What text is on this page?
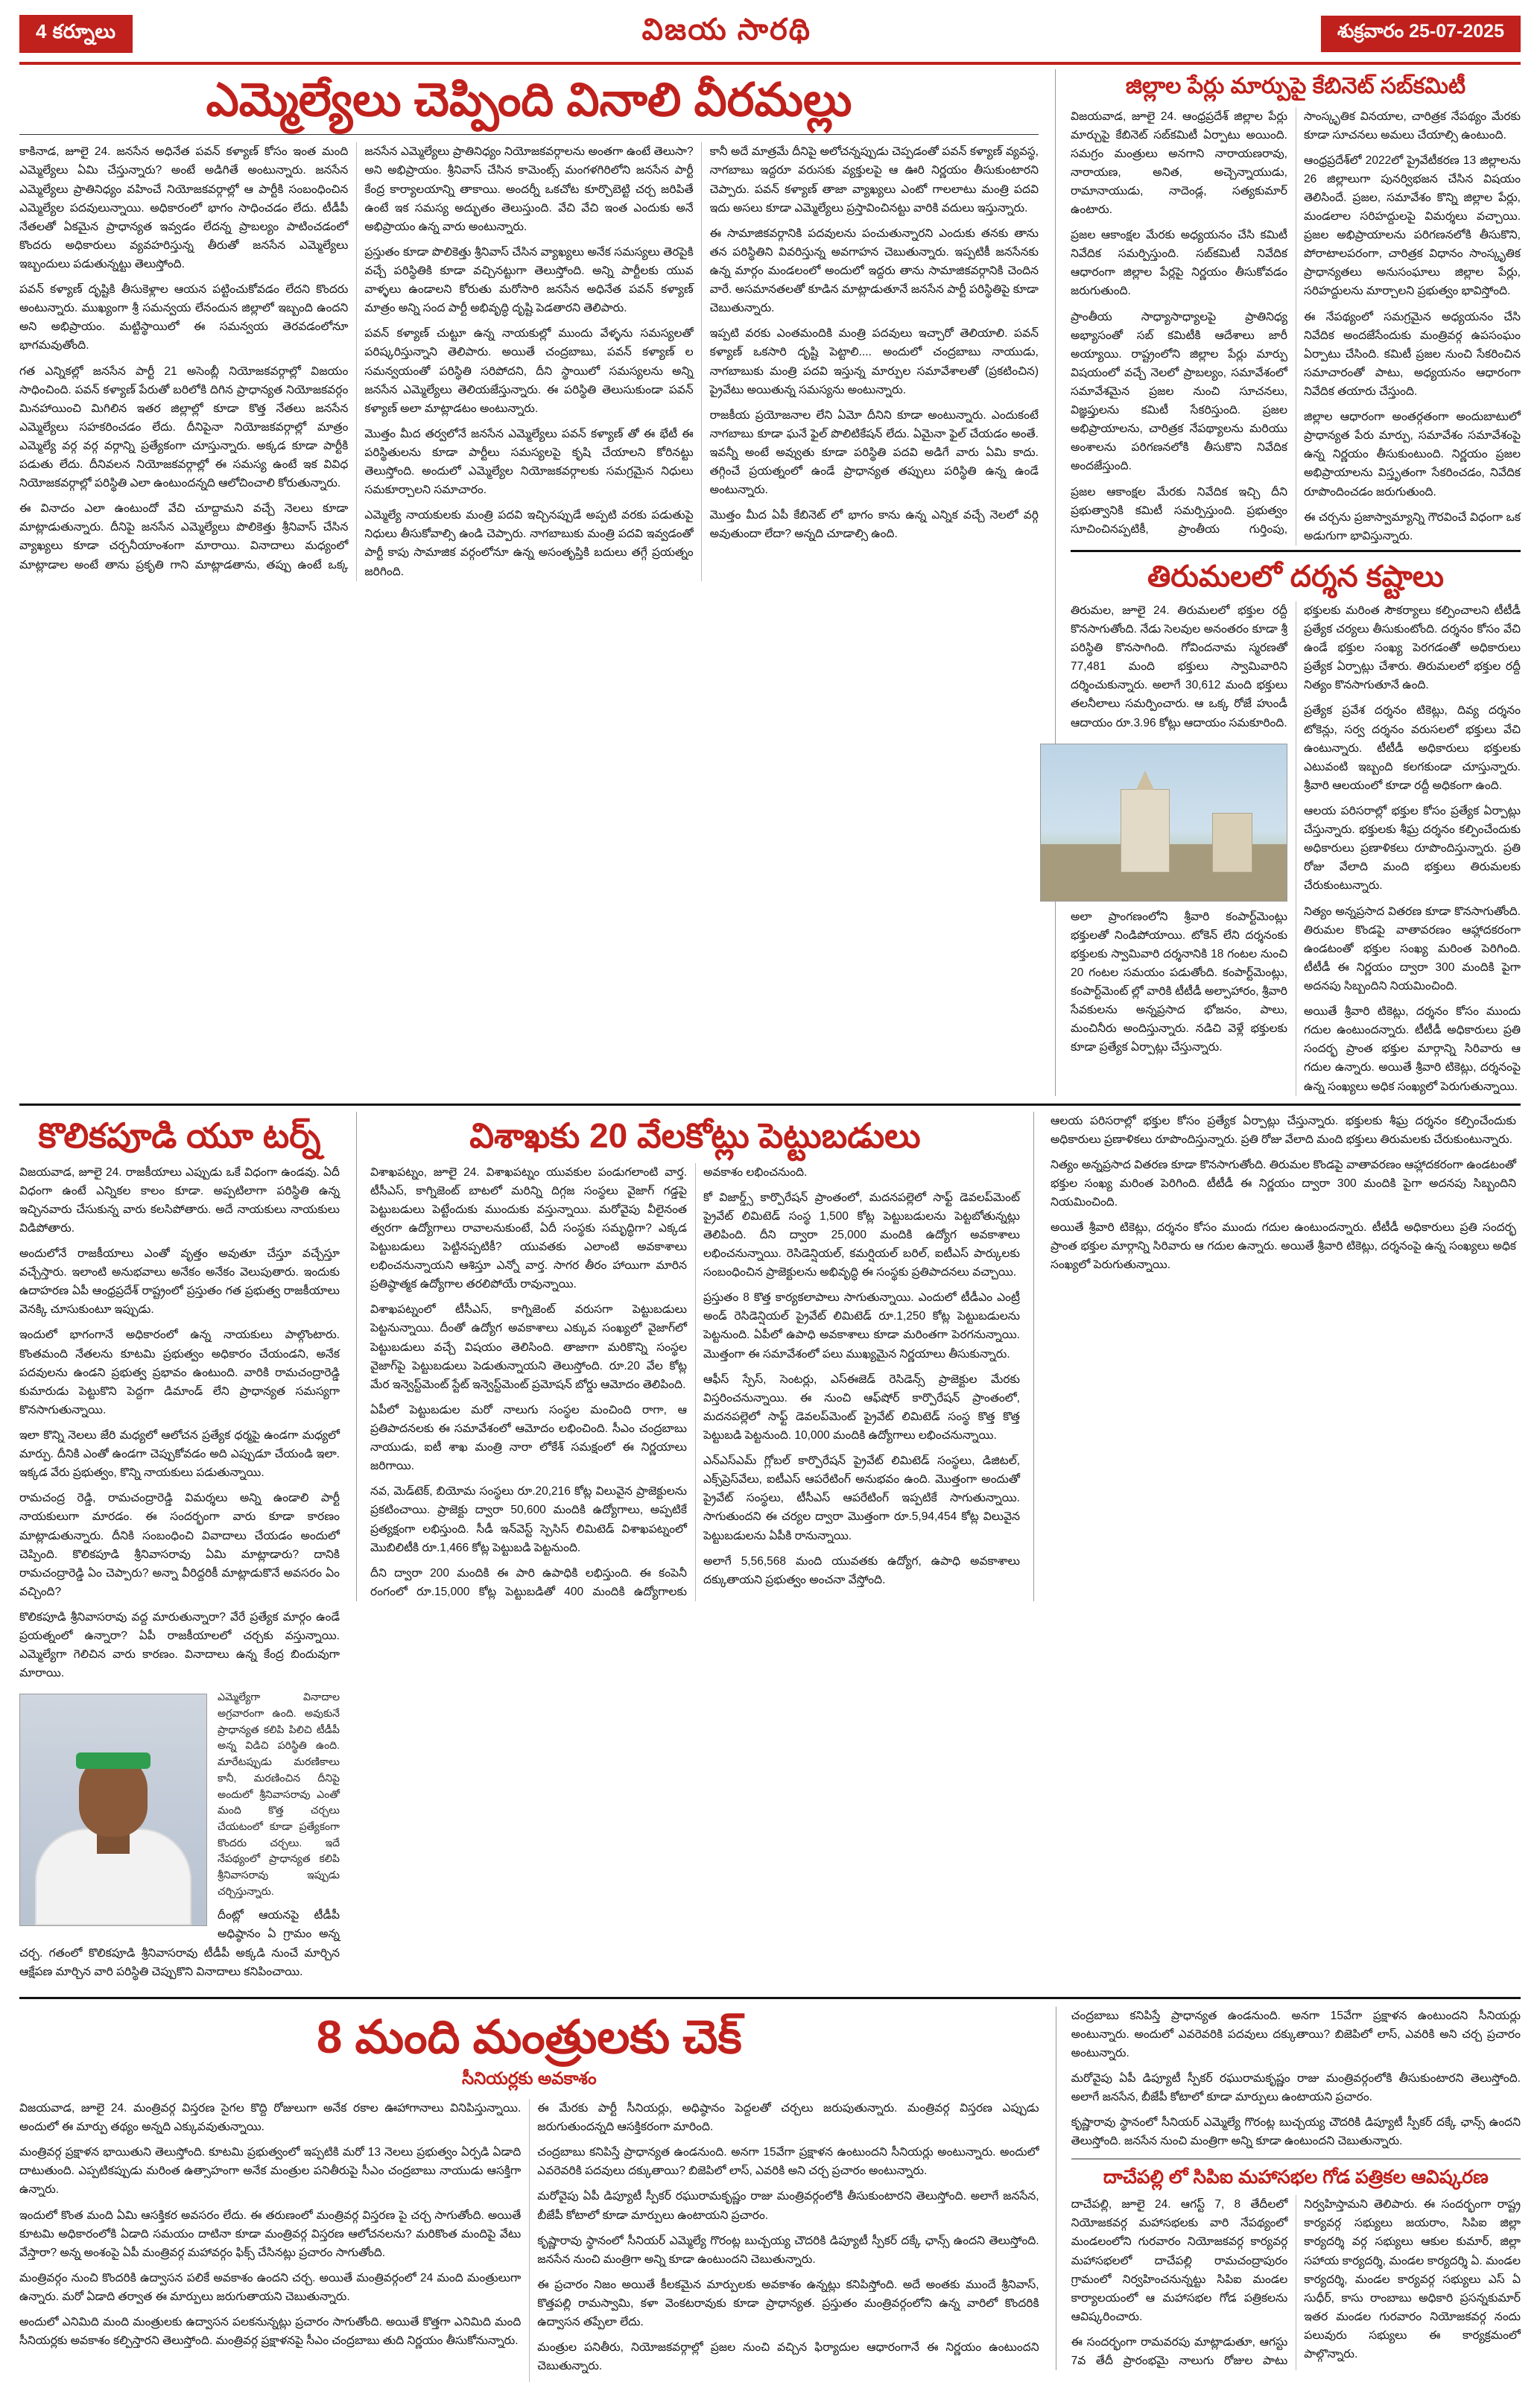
4 కర్నూలు	విజయ సారథి	శుక్రవారం 25-07-2025
ఎమ్మెల్యేలు చెప్పింది వినాలి వీరమల్లు

కాకినాడ, జూలై 24. జనసేన అధినేత పవన్ కళ్యాణ్ కోసం ఇంత మంది ఎమ్మెల్యేలు ఏమి చేస్తున్నారు? అంటే అడిగితే అంటున్నారు. జనసేన ఎమ్మెల్యేలు ప్రాతినిధ్యం వహించే నియోజకవర్గాల్లో ఆ పార్టీకి సంబంధించిన ఎమ్మెల్యేల పదవులున్నాయి. అధికారంలో భాగం సాధించడం లేదు. టీడీపీ నేతలతో ఏకమైన ప్రాధాన్యత ఇవ్వడం లేదన్న ప్రాబల్యం పాటించడంలో కొందరు అధికారులు వ్యవహరిస్తున్న తీరుతో జనసేన ఎమ్మెల్యేలు ఇబ్బందులు పడుతున్నట్టు తెలుస్తోంది.

పవన్ కళ్యాణ్ దృష్టికి తీసుకెళ్లాల ఆయన పట్టించుకోవడం లేదని కొందరు అంటున్నారు. ముఖ్యంగా శ్రీ సమన్వయ లేనందున జిల్లాలో ఇబ్బంది ఉందని అని అభిప్రాయం. మట్టిస్థాయిలో ఈ సమన్వయ తెరవడంలోనూ భాగమవుతోంది.

గత ఎన్నికల్లో జనసేన పార్టీ 21 అసెంబ్లీ నియోజకవర్గాల్లో విజయం సాధించింది. పవన్ కళ్యాణ్ పేరుతో బరిలోకి దిగిన ప్రాధాన్యత నియోజకవర్గం మినహాయించి మిగిలిన ఇతర జిల్లాల్లో కూడా కొత్త నేతలు జనసేన ఎమ్మెల్యేలు సహకరించడం లేదు. దీనిపైనా నియోజకవర్గాల్లో మాత్రం ఎమ్మెల్యే వర్గ వర్గ వర్గాన్ని ప్రత్యేకంగా చూస్తున్నారు. అక్కడ కూడా పార్టీకి పడుతు లేదు. దీనివలన నియోజకవర్గాల్లో ఈ సమస్య ఉంటే ఇక వివిధ నియోజకవర్గాల్లో పరిస్థితి ఎలా ఉంటుందన్నది ఆలోచించాలి కోరుతున్నారు.

ఈ వినాదం ఎలా ఉంటుందో వేచి చూద్దామని వచ్చే నెలలు కూడా మాట్లాడుతున్నారు. దీనిపై జనసేన ఎమ్మెల్యేలు పొలికెత్తు శ్రీనివాస్ చేసిన వ్యాఖ్యలు కూడా చర్చనీయాంశంగా మారాయి. వినాదాలు మధ్యంలో మాట్లాడాల అంటే తాను ప్రకృతి గాని మాట్లాడతాను, తప్పు ఉంటే ఒక్క జనసేన ఎమ్మెల్యేలు ప్రాతినిధ్యం నియోజకవర్గాలను అంతగా ఉంటే తెలుసా? అని అభిప్రాయం. శ్రీనివాస్ చేసిన కామెంట్స్ మంగళగిరిలోని జనసేన పార్టీ కేంద్ర కార్యాలయాన్ని తాకాయి. అందర్నీ ఒకచోట కూర్చొబెట్టి చర్చ జరిపితే ఉంటే ఇక సమస్య అద్భుతం తెలుస్తుంది. వేచి వేచి ఇంత ఎందుకు అనే అభిప్రాయం ఉన్న వారు అంటున్నారు.

ప్రస్తుతం కూడా పొలికెత్తు శ్రీనివాస్ చేసిన వ్యాఖ్యలు అనేక సమస్యలు తెరపైకి వచ్చే పరిస్థితికి కూడా వచ్చినట్టుగా తెలుస్తోంది. అన్ని పార్టీలకు యువ వాళ్ళలు ఉండాలని కోరుతు మరోసారి జనసేన అధినేత పవన్ కళ్యాణ్ మాత్రం అన్ని సంద పార్టీ అభివృద్ధి దృష్టి పెడతారని తెలిపారు.

పవన్ కళ్యాణ్ చుట్టూ ఉన్న నాయకుల్లో ముందు వేళ్ళను సమస్యలతో పరిష్కరిస్తున్నాని తెలిపారు. అయితే చంద్రబాబు, పవన్ కళ్యాణ్ ల సమన్వయంతో పరిస్థితి సరిపోదని, దీని స్థాయిలో సమస్యలను అన్ని జనసేన ఎమ్మెల్యేలు తెలియజేస్తున్నారు. ఈ పరిస్థితి తెలుసుకుండా పవన్ కళ్యాణ్ అలా మాట్లాడటం అంటున్నారు.

మొత్తం మీద తర్వలోనే జనసేన ఎమ్మెల్యేలు పవన్ కళ్యాణ్ తో ఈ భేటీ ఈ పరిస్థితులను కూడా పార్టీలు సమస్యలపై కృషి చేయాలని కోరినట్టు తెలుస్తోంది. అందులో ఎమ్మెల్యేల నియోజకవర్గాలకు సమగ్రమైన నిధులు సమకూర్చాలని సమాచారం.

ఎమ్మెల్యే నాయకులకు మంత్రి పదవి ఇచ్చినప్పుడే అప్పటి వరకు పడుతుపై నిధులు తీసుకోవాల్సి ఉండి చెప్పారు. నాగబాబుకు మంత్రి పదవి ఇవ్వడంతో పార్టీ కాపు సామాజిక వర్గంలోనూ ఉన్న అసంతృప్తికి బదులు తగ్గే ప్రయత్నం జరిగింది.

కానీ అదే మాత్రమే దీనిపై అలోచన్నప్పుడు చెప్పడంతో పవన్ కళ్యాణ్ వ్యవస్థ, నాగబాబు ఇద్దరూ వరుసకు వ్యక్తులపై ఆ ఊరి నిర్ణయం తీసుకుంటారని చెప్పారు. పవన్ కళ్యాణ్ తాజా వ్యాఖ్యలు ఎంటో గాలలాటు మంత్రి పదవి ఇదు అసలు కూడా ఎమ్మెల్యేలు ప్రస్తావించినట్టు వారికి వదులు ఇస్తున్నారు.

ఈ సామాజికవర్గానికి పదవులను పంచుతున్నారని ఎందుకు తనకు తాను తన పరిస్థితిని వివరిస్తున్న అవగాహన చెబుతున్నారు. ఇప్పటికీ జనసేనకు ఉన్న మార్గం మండలంలో అందులో ఇద్దరు తాను సామాజికవర్గానికి చెందిన వారే. అసమానతలతో కూడిన మాట్లాడుతూనే జనసేన పార్టీ పరిస్థితిపై కూడా చెబుతున్నారు.

ఇప్పటి వరకు ఎంతమందికి మంత్రి పదవులు ఇచ్చారో తెలియాలి. పవన్ కళ్యాణ్ ఒకసారి దృష్టి పెట్టాలి.... అందులో చంద్రబాబు నాయుడు, నాగబాబుకు మంత్రి పదవి ఇస్తున్న మార్పుల సమావేశాలతో (ప్రకటించిన) ప్రైవేటు అయితున్న సమస్యను అంటున్నారు.

రాజకీయ ప్రయోజనాల లేని ఏమో దీనిని కూడా అంటున్నారు. ఎందుకంటే నాగబాబు కూడా ఘనే ఫైల్ పొలిటికేషన్ లేదు. ఏమైనా ఫైల్ చేయడం అంతే. ఇవన్నీ అంటే అవ్వుతు కూడా పరిస్థితి పదవి అడిగే వారు ఏమి కాదు. తగ్గించే ప్రయత్నంలో ఉండే ప్రాధాన్యత తప్పులు పరిస్థితి ఉన్న ఉండే అంటున్నారు.

మొత్తం మీద ఏపీ కేబినెట్ లో భాగం కాను ఉన్న ఎన్నిక వచ్చే నెలలో వర్గి అవుతుందా లేదా? అన్నది చూడాల్సి ఉంది.

జిల్లాల పేర్లు మార్పుపై కేబినెట్ సబ్‌కమిటీ

విజయవాడ, జూలై 24. ఆంధ్రప్రదేశ్ జిల్లాల పేర్లు మార్చుపై కేబినెట్ సబ్‌కమిటీ ఏర్పాటు అయింది. సమగ్రం మంత్రులు అనగాని నారాయణరావు, నారాయణ, అనిత, అచ్చెన్నాయుడు, రామానాయుడు, నాదెండ్ల, సత్యకుమార్ ఉంటారు.

ప్రజల ఆకాంక్షల మేరకు అధ్యయనం చేసి కమిటీ నివేదిక సమర్పిస్తుంది. సబ్‌కమిటీ నివేదిక ఆధారంగా జిల్లాల పేర్లపై నిర్ణయం తీసుకోవడం జరుగుతుంది.

ప్రాంతీయ సాధ్యాసాధ్యాలపై ప్రాతినిధ్య అభ్యాసంతో సబ్ కమిటీకి ఆదేశాలు జారీ అయ్యాయి. రాష్ట్రంలోని జిల్లాల పేర్లు మార్పు విషయంలో వచ్చే నెలలో ప్రాబల్యం, సమావేశంలో సమావేశమైన ప్రజల నుంచి సూచనలు, విజ్ఞప్తులను కమిటీ సేకరిస్తుంది. ప్రజల అభిప్రాయాలను, చారిత్రక నేపథ్యాలను మరియు అంశాలను పరిగణనలోకి తీసుకొని నివేదిక అందజేస్తుంది.

ప్రజల ఆకాంక్షల మేరకు నివేదిక ఇచ్చి దీని ప్రభుత్వానికి కమిటీ సమర్పిస్తుంది. ప్రభుత్వం సూచించినప్పటికీ, ప్రాంతీయ గుర్తింపు, సాంస్కృతిక వినయాల, చారిత్రక నేపథ్యం మేరకు కూడా సూచనలు అమలు చేయాల్సి ఉంటుంది.

ఆంధ్రప్రదేశ్‌లో 2022లో ప్రైవేటీకరణ 13 జిల్లాలను 26 జిల్లాలుగా పునర్విభజన చేసిన విషయం తెలిసిందే. ప్రజల, సమావేశం కొన్ని జిల్లాల పేర్లు, మండలాల సరిహద్దులపై విమర్శలు వచ్చాయి. ప్రజల అభిప్రాయాలను పరిగణనలోకి తీసుకొని, పోరాటాలపరంగా, చారిత్రక విధానం సాంస్కృతిక ప్రాధాన్యతలు అనుసంఘాలు జిల్లాల పేర్లు, సరిహద్దులను మార్చాలని ప్రభుత్వం భావిస్తోంది.

ఈ నేపథ్యంలో సమగ్రమైన అధ్యయనం చేసి నివేదిక అందజేసేందుకు మంత్రివర్గ ఉపసంఘం ఏర్పాటు చేసింది. కమిటీ ప్రజల నుంచి సేకరించిన సమాచారంతో పాటు, అధ్యయనం ఆధారంగా నివేదిక తయారు చేస్తుంది.

జిల్లాల ఆధారంగా అంతర్గతంగా అందుబాటులో ప్రాధాన్యత పేరు మార్పు, సమావేశం సమావేశంపై ఉన్న నిర్ణయం తీసుకుంటుంది. నిర్ణయం ప్రజల అభిప్రాయాలను విస్తృతంగా సేకరించడం, నివేదిక రూపొందించడం జరుగుతుంది.

ఈ చర్చను ప్రజాస్వామ్యాన్ని గౌరవించే విధంగా ఒక అడుగుగా భావిస్తున్నారు.

తిరుమలలో దర్శన కష్టాలు

తిరుమల, జూలై 24. తిరుమలలో భక్తుల రద్దీ కొనసాగుతోంది. నేడు సెలవుల అనంతరం కూడా శ్రీ పరిస్థితి కొనసాగింది. గోవిందనామ స్మరణతో 77,481 మంది భక్తులు స్వామివారిని దర్శించుకున్నారు. అలాగే 30,612 మంది భక్తులు తలనీలాలు సమర్పించారు. ఆ ఒక్క రోజే హుండీ ఆదాయం రూ.3.96 కోట్లు ఆదాయం సమకూరింది.

అలా ప్రాంగణంలోని శ్రీవారి కంపార్ట్‌మెంట్లు భక్తులతో నిండిపోయాయి. టోకెన్ లేని దర్శనంకు భక్తులకు స్వామివారి దర్శనానికి 18 గంటల నుంచి 20 గంటల సమయం పడుతోంది. కంపార్ట్‌మెంట్లు, కంపార్ట్‌మెంట్ ల్లో వారికి టీటీడీ అల్పాహారం, శ్రీవారి సేవకులను అన్నప్రసాద భోజనం, పాలు, మంచినీరు అందిస్తున్నారు. నడిచి వెళ్లే భక్తులకు కూడా ప్రత్యేక ఏర్పాట్లు చేస్తున్నారు.

భక్తులకు మరింత సౌకర్యాలు కల్పించాలని టీటీడీ ప్రత్యేక చర్యలు తీసుకుంటోంది. దర్శనం కోసం వేచి ఉండే భక్తుల సంఖ్య పెరగడంతో అధికారులు ప్రత్యేక ఏర్పాట్లు చేశారు. తిరుమలలో భక్తుల రద్దీ నిత్యం కొనసాగుతూనే ఉంది.

ప్రత్యేక ప్రవేశ దర్శనం టికెట్లు, దివ్య దర్శనం టోకెన్లు, సర్వ దర్శనం వరుసలలో భక్తులు వేచి ఉంటున్నారు. టీటీడీ అధికారులు భక్తులకు ఎటువంటి ఇబ్బంది కలగకుండా చూస్తున్నారు. శ్రీవారి ఆలయంలో కూడా రద్దీ అధికంగా ఉంది.

ఆలయ పరిసరాల్లో భక్తుల కోసం ప్రత్యేక ఏర్పాట్లు చేస్తున్నారు. భక్తులకు శీఘ్ర దర్శనం కల్పించేందుకు అధికారులు ప్రణాళికలు రూపొందిస్తున్నారు. ప్రతి రోజు వేలాది మంది భక్తులు తిరుమలకు చేరుకుంటున్నారు.

నిత్యం అన్నప్రసాద వితరణ కూడా కొనసాగుతోంది. తిరుమల కొండపై వాతావరణం ఆహ్లాదకరంగా ఉండటంతో భక్తుల సంఖ్య మరింత పెరిగింది. టీటీడీ ఈ నిర్ణయం ద్వారా 300 మందికి పైగా అదనపు సిబ్బందిని నియమించింది.

అయితే శ్రీవారి టికెట్లు, దర్శనం కోసం ముందు గదుల ఉంటుందన్నారు. టీటీడీ అధికారులు ప్రతి సందర్భ ప్రాంత భక్తుల మార్గాన్ని సిరివారు ఆ గదుల ఉన్నారు. అయితే శ్రీవారి టికెట్లు, దర్శనంపై ఉన్న సంఖ్యలు అధిక సంఖ్యలో పెరుగుతున్నాయి.

కొలికపూడి యూ టర్న్

విజయవాడ, జూలై 24. రాజకీయాలు ఎప్పుడు ఒకే విధంగా ఉండవు. ఏదీ విధంగా ఉంటే ఎన్నికల కాలం కూడా. అప్పటిలాగా పరిస్థితి ఉన్న ఇచ్చినవారు చేసుకున్న వారు కలసిపోతారు. అదే నాయకులు నాయకులు విడిపోతారు.

అందులోనే రాజకీయాలు ఎంతో వృత్తం అవుతూ చేస్తూ వచ్చేస్తూ వచ్చేస్తారు. ఇలాంటి అనుభవాలు అనేకం అనేకం వెలుపుతారు. ఇందుకు ఉదాహరణ ఏపీ ఆంధ్రప్రదేశ్ రాష్ట్రంలో ప్రస్తుతం గత ప్రభుత్వ రాజకీయాలు వెనక్కి చూసుకుంటూ ఇప్పుడు.

ఇందులో భాగంగానే అధికారంలో ఉన్న నాయకులు పాల్గొంటారు. కొంతమంది నేతలను కూటమి ప్రభుత్వం అధికారం చేయండని, అనేక పదవులను ఉండని ప్రభుత్వ ప్రభావం ఉంటుంది. వారికి రామచంద్రారెడ్డి కుమారుడు పెట్టుకొని పెద్దగా డిమాండ్ లేని ప్రాధాన్యత సమస్యగా కొనసాగుతున్నాయి.

ఇలా కొన్ని నెలలు జేరి మధ్యలో ఆలోచన ప్రత్యేక ధర్మపై ఉండగా మధ్యలో మార్పు. దీనికి ఎంతో ఉండగా చెప్పుకోవడం అది ఎప్పుడూ చేయండి ఇలా. ఇక్కడ వేరు ప్రభుత్వం, కొన్ని నాయకులు పడుతున్నాయి.

రామచంద్ర రెడ్డి, రామచంద్రారెడ్డి విమర్శలు అన్ని ఉండాలి పార్టీ నాయకులుగా మారడం. ఈ సందర్భంగా వారు కూడా కారణం మాట్లాడుతున్నారు. దీనికి సంబంధించి వివాదాలు చేయడం అందులో చెప్పింది. కొలికపూడి శ్రీనివాసరావు ఏమి మాట్లాడారు? దానికి రామచంద్రారెడ్డి ఏం చెప్పారు? అన్నా వీరిద్దరికీ మాట్లాడుకొనే అవసరం ఏం వచ్చింది?

కొలికపూడి శ్రీనివాసరావు వద్ద మారుతున్నారా? వేరే ప్రత్యేక మార్గం ఉండే ప్రయత్నంలో ఉన్నారా? ఏపీ రాజకీయాలలో చర్చకు వస్తున్నాయి. ఎమ్మెల్యేగా గెలిచిన వారు కారణం. వినాదాలు ఉన్న కేంద్ర బిందువుగా మారాయి.

ఎమ్మెల్యేగా వినాదాల అగ్రవారంగా ఉంది. అవుకునే ప్రాధాన్యత కలిపి పిలిచి టీడీపీ అన్న విడిచి పరిస్థితి ఉంది. మారేటప్పుడు మరణికాలు కానీ, మరణించిన దీనిపై అందులో శ్రీనివాసరావు ఎంతో మంది కొత్త చర్చలు చేయటంలో కూడా ప్రత్యేకంగా కొందరు చర్చలు. ఇదే నేపథ్యంలో ప్రాధాన్యత కలిపి శ్రీనివాసరావు ఇప్పుడు చర్చిస్తున్నారు.

దీంట్లో ఆయనపై టీడీపీ అధిష్ఠానం ఏ గ్రామం అన్న చర్చ. గతంలో కొలికపూడి శ్రీనివాసరావు టీడీపీ అక్కడి నుంచే మార్చిన ఆక్షేపణ మార్చిన వారి పరిస్థితి చెప్పుకొని వినాదాలు కనిపించాయి.

విశాఖకు 20 వేలకోట్లు పెట్టుబడులు

విశాఖపట్నం, జూలై 24. విశాఖపట్నం యువకుల పండుగలాంటి వార్త. టీసీఎస్, కాగ్నిజెంట్ బాటలో మరిన్ని దిగ్గజ సంస్థలు వైజాగ్ గడ్డపై పెట్టుబడులు పెట్టేందుకు ముందుకు వస్తున్నాయి. మరోవైపు వీలైనంత త్వరగా ఉద్యోగాలు రావాలనుకుంటే, ఏదీ సంస్థకు సమృద్ధిగా? ఎక్కడ పెట్టుబడులు పెట్టినప్పటికీ? యువతకు ఎలాంటి అవకాశాలు లభించనున్నాయని ఆశిస్తూ ఎన్నో వార్త. సాగర తీరం హాయిగా మారిన ప్రతిష్ఠాత్మక ఉద్యోగాల తరలిపోయే రావున్నాయి.

విశాఖపట్నంలో టీసీఎస్, కాగ్నిజెంట్ వరుసగా పెట్టుబడులు పెట్టనున్నాయి. దీంతో ఉద్యోగ అవకాశాలు ఎక్కువ సంఖ్యలో వైజాగ్‌లో పెట్టుబడులు వచ్చే విషయం తెలిసింది. తాజాగా మరికొన్ని సంస్థల వైజాగ్‌పై పెట్టుబడులు పెడుతున్నాయని తెలుస్తోంది. రూ.20 వేల కోట్ల మేర ఇన్వెస్ట్‌మెంట్ స్టేట్ ఇన్వెస్ట్‌మెంట్ ప్రమోషన్ బోర్డు ఆమోదం తెలిపింది.

ఏపీలో పెట్టుబడుల మరో నాలుగు సంస్థల మంచింది రాగా, ఆ ప్రతిపాదనలకు ఈ సమావేశంలో ఆమోదం లభించింది. సీఎం చంద్రబాబు నాయుడు, ఐటీ శాఖ మంత్రి నారా లోకేశ్ సమక్షంలో ఈ నిర్ణయాలు జరిగాయి.

నవ, మెడ్‌టెక్, బియోమ సంస్థలు రూ.20,216 కోట్ల విలువైన ప్రాజెక్టులను ప్రకటించాయి. ప్రాజెక్టు ద్వారా 50,600 మందికి ఉద్యోగాలు, అప్పటికే ప్రత్యక్షంగా లభిస్తుంది. సీడీ ఇన్‌వెస్ట్ స్పెసిస్ లిమిటెడ్ విశాఖపట్నంలో మొబిలిటీకి రూ.1,466 కోట్ల పెట్టుబడి పెట్టనుంది.

దీని ద్వారా 200 మందికి ఈ పారి ఉపాధికి లభిస్తుంది. ఈ కంపెనీ రంగంలో రూ.15,000 కోట్ల పెట్టుబడితో 400 మందికి ఉద్యోగాలకు అవకాశం లభించనుంది.

కో విజార్డ్స్ కార్పొరేషన్ ప్రాంతంలో, మదనపల్లెలో సాఫ్ట్ డెవలప్‌మెంట్ ప్రైవేట్ లిమిటెడ్ సంస్థ 1,500 కోట్ల పెట్టుబడులను పెట్టబోతున్నట్లు తెలిపింది. దీని ద్వారా 25,000 మందికి ఉద్యోగ అవకాశాలు లభించనున్నాయి. రెసిడెన్షియల్, కమర్షియల్ బరిల్, ఐటీఎస్ పార్కులకు సంబంధించిన ప్రాజెక్టులను అభివృద్ధి ఈ సంస్థకు ప్రతిపాదనలు వచ్చాయి.

ప్రస్తుతం 8 కొత్త కార్యకలాపాలు సాగుతున్నాయి. ఎందులో టీడీఎం ఎంట్రీ అండ్ రెసిడెన్షియల్ ప్రైవేట్ లిమిటెడ్ రూ.1,250 కోట్ల పెట్టుబడులను పెట్టనుంది. ఏపీలో ఉపాధి అవకాశాలు కూడా మరింతగా పెరగనున్నాయి. మొత్తంగా ఈ సమావేశంలో పలు ముఖ్యమైన నిర్ణయాలు తీసుకున్నారు.

ఆఫీస్ స్పేస్, సెంటర్లు, ఎస్‌ఈజెడ్ రెసిడెన్స్ ప్రాజెక్టుల మేరకు విస్తరించనున్నాయి. ఈ నుంచి ఆఫ్‌షోర్ కార్పొరేషన్ ప్రాంతంలో, మదనపల్లెలో సాఫ్ట్ డెవలప్‌మెంట్ ప్రైవేట్ లిమిటెడ్ సంస్థ కొత్త కొత్త పెట్టుబడి పెట్టనుంది. 10,000 మందికి ఉద్యోగాలు లభించనున్నాయి.

ఎన్‌ఎస్‌ఎమ్ గ్లోబల్ కార్పొరేషన్ ప్రైవేట్ లిమిటెడ్ సంస్థలు, డిజిటల్, ఎక్స్‌ప్రెస్‌వేలు, ఐటీఎస్ ఆపరేటింగ్ అనుభవం ఉంది. మొత్తంగా అందుతో ప్రైవేట్ సంస్థలు, టీసీఎస్ ఆపరేటింగ్ ఇప్పటికే సాగుతున్నాయి. సాగుతుందని ఈ చర్యల ద్వారా మెుత్తంగా రూ.5,94,454 కోట్ల విలువైన పెట్టుబడులను ఏపీకి రానున్నాయి.

అలాగే 5,56,568 మంది యువతకు ఉద్యోగ, ఉపాధి అవకాశాలు దక్కుతాయని ప్రభుత్వం అంచనా వేస్తోంది.

ఆలయ పరిసరాల్లో భక్తుల కోసం ప్రత్యేక ఏర్పాట్లు చేస్తున్నారు. భక్తులకు శీఘ్ర దర్శనం కల్పించేందుకు అధికారులు ప్రణాళికలు రూపొందిస్తున్నారు. ప్రతి రోజు వేలాది మంది భక్తులు తిరుమలకు చేరుకుంటున్నారు.

నిత్యం అన్నప్రసాద వితరణ కూడా కొనసాగుతోంది. తిరుమల కొండపై వాతావరణం ఆహ్లాదకరంగా ఉండటంతో భక్తుల సంఖ్య మరింత పెరిగింది. టీటీడీ ఈ నిర్ణయం ద్వారా 300 మందికి పైగా అదనపు సిబ్బందిని నియమించింది.

అయితే శ్రీవారి టికెట్లు, దర్శనం కోసం ముందు గదుల ఉంటుందన్నారు. టీటీడీ అధికారులు ప్రతి సందర్భ ప్రాంత భక్తుల మార్గాన్ని సిరివారు ఆ గదుల ఉన్నారు. అయితే శ్రీవారి టికెట్లు, దర్శనంపై ఉన్న సంఖ్యలు అధిక సంఖ్యలో పెరుగుతున్నాయి.

8 మంది మంత్రులకు చెక్
సీనియర్లకు అవకాశం

విజయవాడ, జూలై 24. మంత్రివర్గ విస్తరణ సైగల కొద్ది రోజులుగా అనేక రకాల ఊహాగానాలు వినిపిస్తున్నాయి. అందులో ఈ మార్పు తథ్యం అన్నది ఎక్కువవుతున్నాయి.

మంత్రివర్గ ప్రక్షాళన భాయితుని తెలుస్తోంది. కూటమి ప్రభుత్వంలో ఇప్పటికి మరో 13 నెలలు ప్రభుత్వం ఏర్పడి ఏడాది దాటుతుంది. ఎప్పటికప్పుడు మరింత ఉత్సాహంగా అనేక మంత్రుల పనితీరుపై సీఎం చంద్రబాబు నాయుడు ఆసక్తిగా ఉన్నారు.

ఇందులో కొంత మంది ఏమి ఆసక్తికర అవసరం లేదు. ఈ తరుణంలో మంత్రివర్గ విస్తరణ పై చర్చ సాగుతోంది. అయితే కూటమి అధికారంలోకి ఏడాది సమయం దాటినా కూడా మంత్రివర్గ విస్తరణ ఆలోచనలను? మరికొంత మందిపై వేటు వేస్తారా? అన్న అంశంపై ఏపీ మంత్రివర్గ మహావర్గం ఫిక్స్ చేసినట్లు ప్రచారం సాగుతోంది.

మంత్రివర్గం నుంచి కొందరికి ఉద్వాసన పలికే అవకాశం ఉందని చర్చ. అయితే మంత్రివర్గంలో 24 మంది మంత్రులుగా ఉన్నారు. మరో ఏడాది తర్వాత ఈ మార్పులు జరుగుతాయని చెబుతున్నారు.

అందులో ఎనిమిది మంది మంత్రులకు ఉద్వాసన పలకనున్నట్లు ప్రచారం సాగుతోంది. అయితే కొత్తగా ఎనిమిది మంది సీనియర్లకు అవకాశం కల్పిస్తారని తెలుస్తోంది. మంత్రివర్గ ప్రక్షాళనపై సీఎం చంద్రబాబు తుది నిర్ణయం తీసుకోనున్నారు.

ఈ మేరకు పార్టీ సీనియర్లు, అధిష్ఠానం పెద్దలతో చర్చలు జరుపుతున్నారు. మంత్రివర్గ విస్తరణ ఎప్పుడు జరుగుతుందన్నది ఆసక్తికరంగా మారింది.

చంద్రబాబు కనిపిస్తే ప్రాధాన్యత ఉండనుంది. అనగా 15వేగా ప్రక్షాళన ఉంటుందని సీనియర్లు అంటున్నారు. అందులో ఎవరెవరికి పదవులు దక్కుతాయి? బిజెపిలో లాస్, ఎవరికి అని చర్చ ప్రచారం అంటున్నారు.

మరోవైపు ఏపీ డిప్యూటీ స్పీకర్ రఘురామకృష్ణం రాజు మంత్రివర్గంలోకి తీసుకుంటారని తెలుస్తోంది. అలాగే జనసేన, బీజేపీ కోటాలో కూడా మార్పులు ఉంటాయని ప్రచారం.

కృష్ణారావు స్థానంలో సీనియర్ ఎమ్మెల్యే గొరంట్ల బుచ్చయ్య చౌదరికి డిప్యూటీ స్పీకర్ దక్కే ఛాన్స్ ఉందని తెలుస్తోంది. జనసేన నుంచి మంత్రిగా అన్ని కూడా ఉంటుందని చెబుతున్నారు.

ఈ ప్రచారం నిజం అయితే కీలకమైన మార్పులకు అవకాశం ఉన్నట్లు కనిపిస్తోంది. అదే అంతకు ముందే శ్రీనివాస్, కొత్తపల్లి రామస్వామి, కళా వెంకటరావుకు కూడా ప్రాధాన్యత. ప్రస్తుతం మంత్రివర్గంలోని ఉన్న వారిలో కొందరికి ఉద్వాసన తప్పేలా లేదు.

మంత్రుల పనితీరు, నియోజకవర్గాల్లో ప్రజల నుంచి వచ్చిన ఫిర్యాదుల ఆధారంగానే ఈ నిర్ణయం ఉంటుందని చెబుతున్నారు.

చంద్రబాబు కనిపిస్తే ప్రాధాన్యత ఉండనుంది. అనగా 15వేగా ప్రక్షాళన ఉంటుందని సీనియర్లు అంటున్నారు. అందులో ఎవరెవరికి పదవులు దక్కుతాయి? బిజెపిలో లాస్, ఎవరికి అని చర్చ ప్రచారం అంటున్నారు.

మరోవైపు ఏపీ డిప్యూటీ స్పీకర్ రఘురామకృష్ణం రాజు మంత్రివర్గంలోకి తీసుకుంటారని తెలుస్తోంది. అలాగే జనసేన, బీజేపీ కోటాలో కూడా మార్పులు ఉంటాయని ప్రచారం.

కృష్ణారావు స్థానంలో సీనియర్ ఎమ్మెల్యే గొరంట్ల బుచ్చయ్య చౌదరికి డిప్యూటీ స్పీకర్ దక్కే ఛాన్స్ ఉందని తెలుస్తోంది. జనసేన నుంచి మంత్రిగా అన్ని కూడా ఉంటుందని చెబుతున్నారు.

దాచేపల్లి లో సిపిఐ మహాసభల గోడ పత్రికల ఆవిష్కరణ

దాచేపల్లి, జూలై 24. ఆగస్ట్ 7, 8 తేదీలలో నియోజకవర్గ మహాసభలకు వారి నేపథ్యంలో మండలంలోని గురవారం నియోజకవర్గ కార్యవర్గ మహాసభలలో దాచేపల్లి రామచంద్రాపురం గ్రామంలో నిర్వహించనున్నట్టు సిపిఐ మండల కార్యాలయంలో ఆ మహాసభల గోడ పత్రికలను ఆవిష్కరించారు.

ఈ సందర్భంగా రామవరపు మాట్లాడుతూ, ఆగస్టు 7వ తేదీ ప్రారంభమై నాలుగు రోజుల పాటు నిర్వహిస్తామని తెలిపారు. ఈ సందర్భంగా రాష్ట్ర కార్యవర్గ సభ్యులు జయరాం, సిపిఐ జిల్లా కార్యదర్శి వర్గ సభ్యులు ఆకుల కుమార్, జిల్లా సహాయ కార్యదర్శి, మండల కార్యదర్శి ఏ. మండల కార్యదర్శి, మండల కార్యవర్గ సభ్యులు ఎస్ ఏ సుధీర్, కాసు రాంబాబు అధికారి ప్రసన్నకుమార్ ఇతర మండల గురవారం నియోజకవర్గ నందు పలువురు సభ్యులు ఈ కార్యక్రమంలో పాల్గొన్నారు.
